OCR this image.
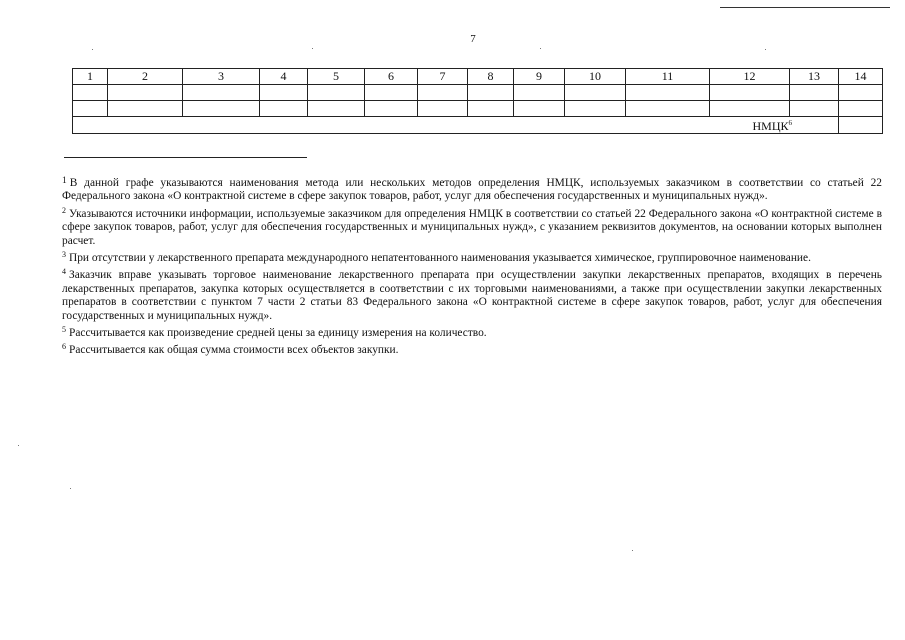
7
1	2	3	4	5	6	7	8	9	10	11	12	13	14

НМЦК$^6$	

$^1$ В данной графе указываются наименования метода или нескольких методов определения НМЦК, используемых заказчиком в соответствии со статьей 22 Федерального закона «О контрактной системе в сфере закупок товаров, работ, услуг для обеспечения государственных и муниципальных нужд».

$^2$ Указываются источники информации, используемые заказчиком для определения НМЦК в соответствии со статьей 22 Федерального закона «О контрактной системе в сфере закупок товаров, работ, услуг для обеспечения государственных и муниципальных нужд», с указанием реквизитов документов, на основании которых выполнен расчет.

$^3$ При отсутствии у лекарственного препарата международного непатентованного наименования указывается химическое, группировочное наименование.

$^4$ Заказчик вправе указывать торговое наименование лекарственного препарата при осуществлении закупки лекарственных препаратов, входящих в перечень лекарственных препаратов, закупка которых осуществляется в соответствии с их торговыми наименованиями, а также при осуществлении закупки лекарственных препаратов в соответствии с пунктом 7 части 2 статьи 83 Федерального закона «О контрактной системе в сфере закупок товаров, работ, услуг для обеспечения государственных и муниципальных нужд».

$^5$ Рассчитывается как произведение средней цены за единицу измерения на количество.

$^6$ Рассчитывается как общая сумма стоимости всех объектов закупки.
